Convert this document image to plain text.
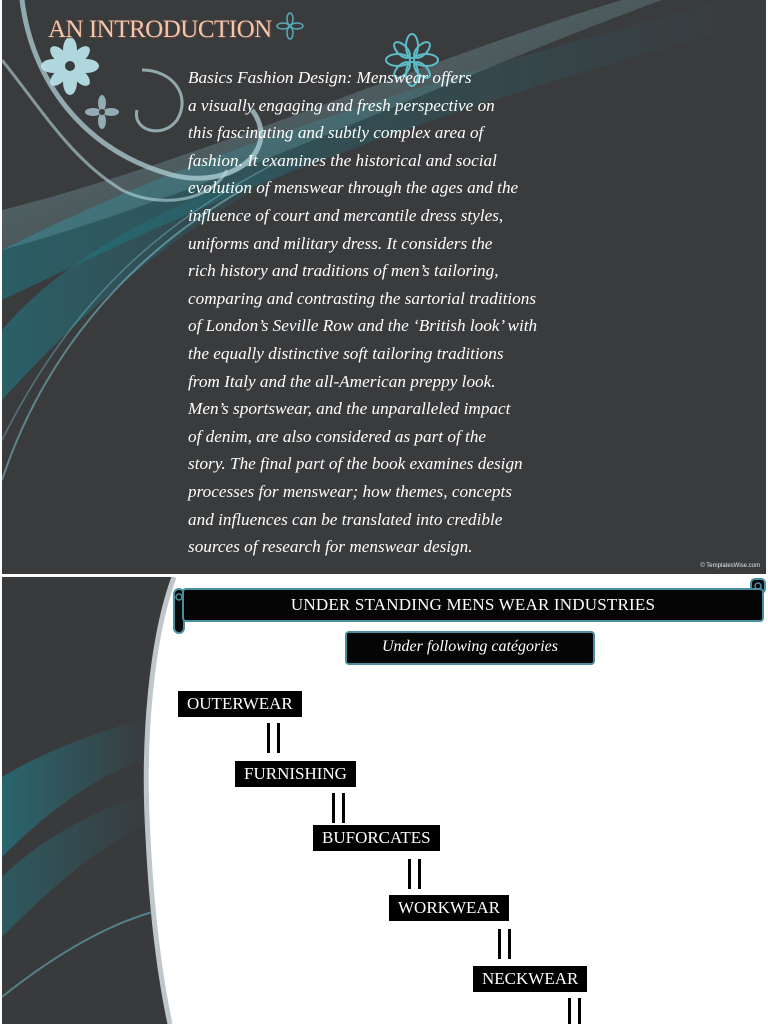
AN INTRODUCTION
Basics Fashion Design: Menswear offers
a visually engaging and fresh perspective on
this fascinating and subtly complex area of
fashion. It examines the historical and social
evolution of menswear through the ages and the
influence of court and mercantile dress styles,
uniforms and military dress. It considers the
rich history and traditions of men’s tailoring,
comparing and contrasting the sartorial traditions
of London’s Seville Row and the ‘British look’ with
the equally distinctive soft tailoring traditions
from Italy and the all-American preppy look.
Men’s sportswear, and the unparalleled impact
of denim, are also considered as part of the
story. The final part of the book examines design
processes for menswear; how themes, concepts
and influences can be translated into credible
sources of research for menswear design.
© TemplatesWise.com
UNDER STANDING MENS WEAR INDUSTRIES
Under following catégories
OUTERWEAR
FURNISHING
BUFORCATES
WORKWEAR
NECKWEAR
